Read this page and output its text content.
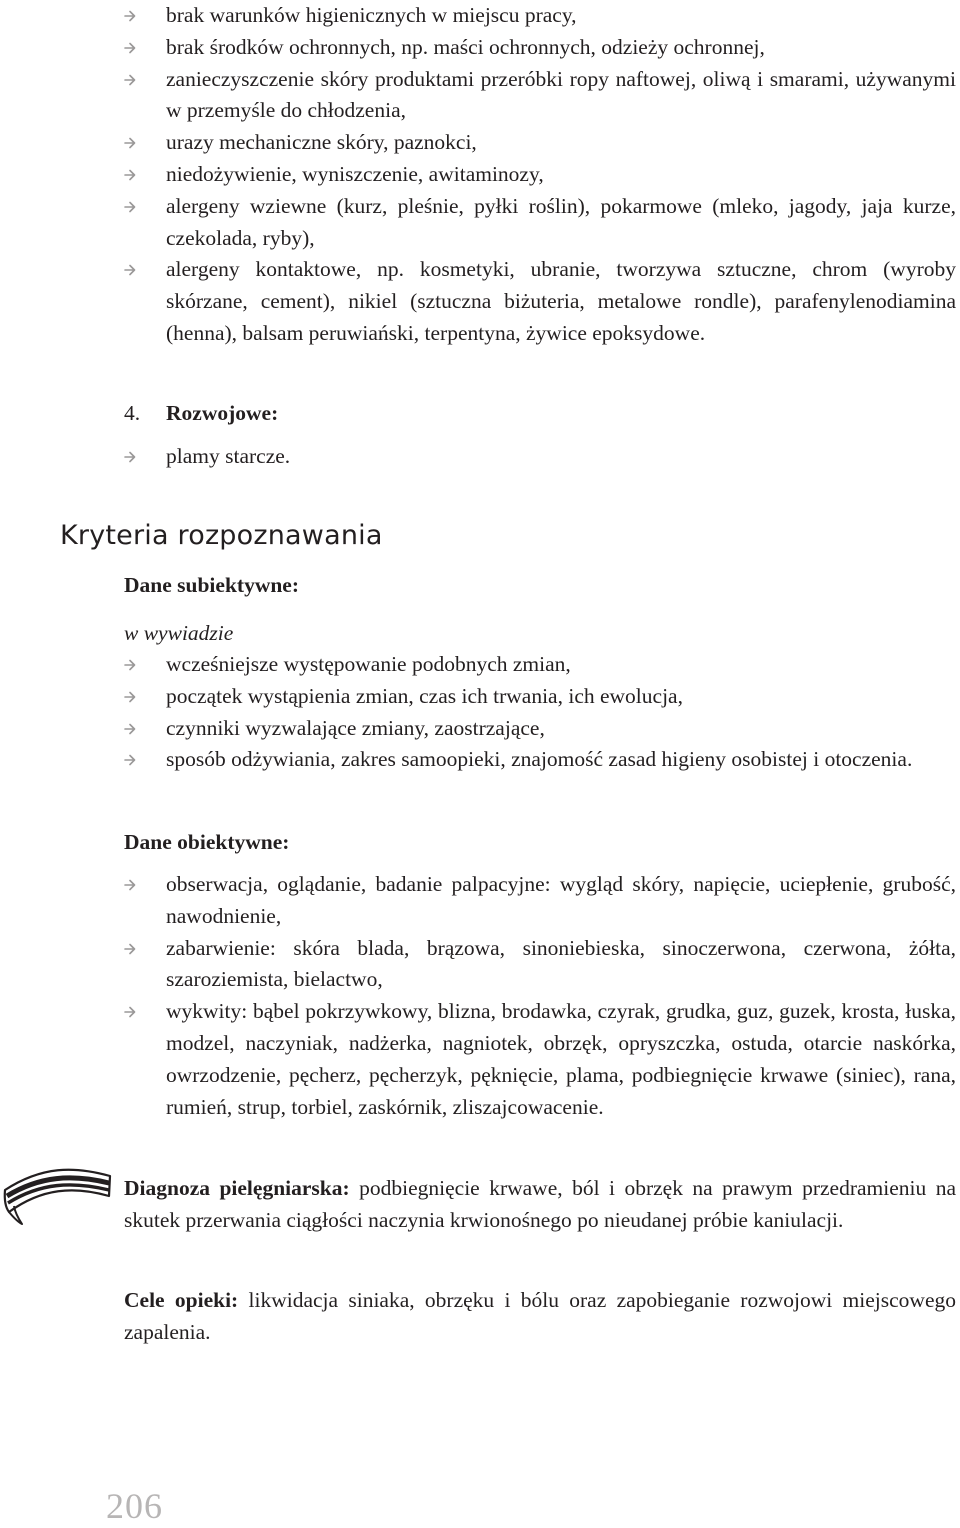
brak warunków higienicznych w miejscu pracy,
brak środków ochronnych, np. maści ochronnych, odzieży ochronnej,
zanieczyszczenie skóry produktami przeróbki ropy naftowej, oliwą i smarami, używanymi w przemyśle do chłodzenia,
urazy mechaniczne skóry, paznokci,
niedożywienie, wyniszczenie, awitaminozy,
alergeny wziewne (kurz, pleśnie, pyłki roślin), pokarmowe (mleko, jagody, jaja kurze, czekolada, ryby),
alergeny kontaktowe, np. kosmetyki, ubranie, tworzywa sztuczne, chrom (wyroby skórzane, cement), nikiel (sztuczna biżuteria, metalowe rondle), parafenylenodiamina (henna), balsam peruwiański, terpentyna, żywice epoksydowe.
4. Rozwojowe:
plamy starcze.
Kryteria rozpoznawania
Dane subiektywne:
w wywiadzie
wcześniejsze występowanie podobnych zmian,
początek wystąpienia zmian, czas ich trwania, ich ewolucja,
czynniki wyzwalające zmiany, zaostrzające,
sposób odżywiania, zakres samoopieki, znajomość zasad higieny osobistej i otoczenia.
Dane obiektywne:
obserwacja, oglądanie, badanie palpacyjne: wygląd skóry, napięcie, uciepłenie, grubość, nawodnienie,
zabarwienie: skóra blada, brązowa, sinoniebieska, sinoczerwona, czerwona, żółta, szaroziemista, bielactwo,
wykwity: bąbel pokrzywkowy, blizna, brodawka, czyrak, grudka, guz, guzek, krosta, łuska, modzel, naczyniak, nadżerka, nagniotek, obrzęk, opryszczka, ostuda, otarcie naskórka, owrzodzenie, pęcherz, pęcherzyk, pęknięcie, plama, podbiegnięcie krwawe (siniec), rana, rumień, strup, torbiel, zaskórnik, zliszajcowacenie.

Diagnoza pielęgniarska: podbiegnięcie krwawe, ból i obrzęk na prawym przedramieniu na skutek przerwania ciągłości naczynia krwionośnego po nieudanej próbie kaniulacji.

Cele opieki: likwidacja siniaka, obrzęku i bólu oraz zapobieganie rozwojowi miejscowego zapalenia.

206
